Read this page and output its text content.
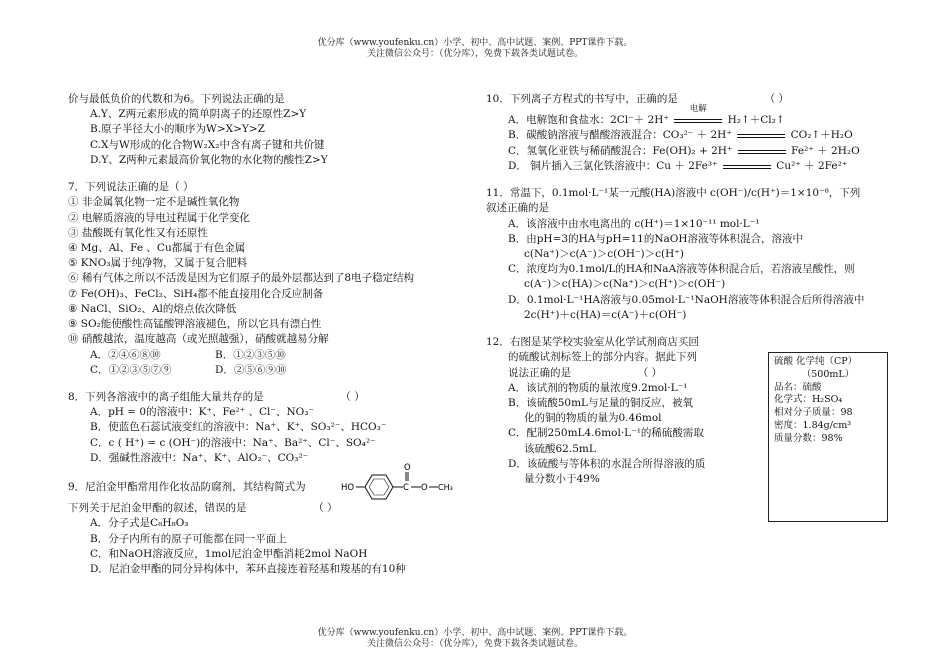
优分库（www.youfenku.cn）小学、初中、高中试题、案例、PPT课件下载。
关注微信公众号：（优分库），免费下载各类试题试卷。
价与最低负价的代数和为6。下列说法正确的是
A.Y、Z两元素形成的简单阴离子的还原性Z>Y
B.原子半径大小的顺序为W>X>Y>Z
C.X与W形成的化合物W₂X₂中含有离子键和共价键
D.Y、Z两种元素最高价氧化物的水化物的酸性Z>Y
7．下列说法正确的是（ ）
① 非金属氧化物一定不是碱性氧化物
② 电解质溶液的导电过程属于化学变化
③ 盐酸既有氧化性又有还原性
④ Mg、Al、Fe 、Cu都属于有色金属
⑤ KNO₃属于纯净物，又属于复合肥料
⑥ 稀有气体之所以不活泼是因为它们原子的最外层都达到了8电子稳定结构
⑦ Fe(OH)₃、FeCl₂、SiH₄都不能直接用化合反应制备
⑧ NaCl、SiO₂、Al的熔点依次降低
⑨ SO₂能使酸性高锰酸钾溶液褪色，所以它具有漂白性
⑩ 硝酸越浓，温度越高（或光照越强），硝酸就越易分解
A．②④⑥⑧⑩	B．①②③⑤⑩
C．①②③⑤⑦⑨	D．②⑤⑥⑨⑩
8．下列各溶液中的离子组能大量共存的是	（ ）
A．pH = 0的溶液中：K⁺、Fe²⁺ 、Cl⁻、NO₃⁻
B．使蓝色石蕊试液变红的溶液中：Na⁺、K⁺、SO₃²⁻、HCO₃⁻
C．c ( H⁺) = c (OH⁻)的溶液中：Na⁺、Ba²⁺、Cl⁻、SO₄²⁻
D．强碱性溶液中：Na⁺、K⁺、AlO₂⁻、CO₃²⁻
9．尼泊金甲酯常用作化妆品防腐剂，其结构简式为
下列关于尼泊金甲酯的叙述，错误的是	（ ）
A．分子式是C₈H₈O₃
B．分子内所有的原子可能都在同一平面上
C．和NaOH溶液反应，1mol尼泊金甲酯消耗2mol NaOH
D．尼泊金甲酯的同分异构体中，苯环直接连着羟基和羧基的有10种
HO	C
O
O CH₃
10．下列离子方程式的书写中，正确的是	（ ）
A．电解饱和食盐水：2Cl⁻＋ 2H⁺
电解
H₂↑＋Cl₂↑
B．碳酸钠溶液与醋酸溶液混合：CO₃²⁻ ＋ 2H⁺	CO₂↑＋H₂O
C．氢氧化亚铁与稀硝酸混合：Fe(OH)₂ + 2H⁺	Fe²⁺ ＋ 2H₂O
D． 铜片插入三氯化铁溶液中：Cu ＋ 2Fe³⁺	Cu²⁺ ＋ 2Fe²⁺
11．常温下，0.1mol·L⁻¹某一元酸(HA)溶液中 c(OH⁻)/c(H⁺)＝1×10⁻⁸，下列
叙述正确的是
A．该溶液中由水电离出的 c(H⁺)＝1×10⁻¹¹ mol·L⁻¹
B．由pH=3的HA与pH=11的NaOH溶液等体积混合，溶液中
c(Na⁺)＞c(A⁻)＞c(OH⁻)＞c(H⁺)
C．浓度均为0.1mol/L的HA和NaA溶液等体积混合后，若溶液呈酸性，则
c(A⁻)＞c(HA)＞c(Na⁺)＞c(H⁺)＞c(OH⁻)
D．0.1mol·L⁻¹HA溶液与0.05mol·L⁻¹NaOH溶液等体积混合后所得溶液中
2c(H⁺)＋c(HA)＝c(A⁻)＋c(OH⁻)
12．右图是某学校实验室从化学试剂商店买回
的硫酸试剂标签上的部分内容。据此下列
说法正确的是	（ ）
A．该试剂的物质的量浓度9.2mol·L⁻¹
B．该硫酸50mL与足量的铜反应，被氧
化的铜的物质的量为0.46mol
C．配制250mL4.6mol·L⁻¹的稀硫酸需取
该硫酸62.5mL
D．该硫酸与等体积的水混合所得溶液的质
量分数小于49%
硫酸 化学纯（CP）
（500mL）
品名：硫酸
化学式：H₂SO₄
相对分子质量：98
密度：1.84g/cm³
质量分数：98%
优分库（www.youfenku.cn）小学、初中、高中试题、案例、PPT课件下载。
关注微信公众号：（优分库），免费下载各类试题试卷。
